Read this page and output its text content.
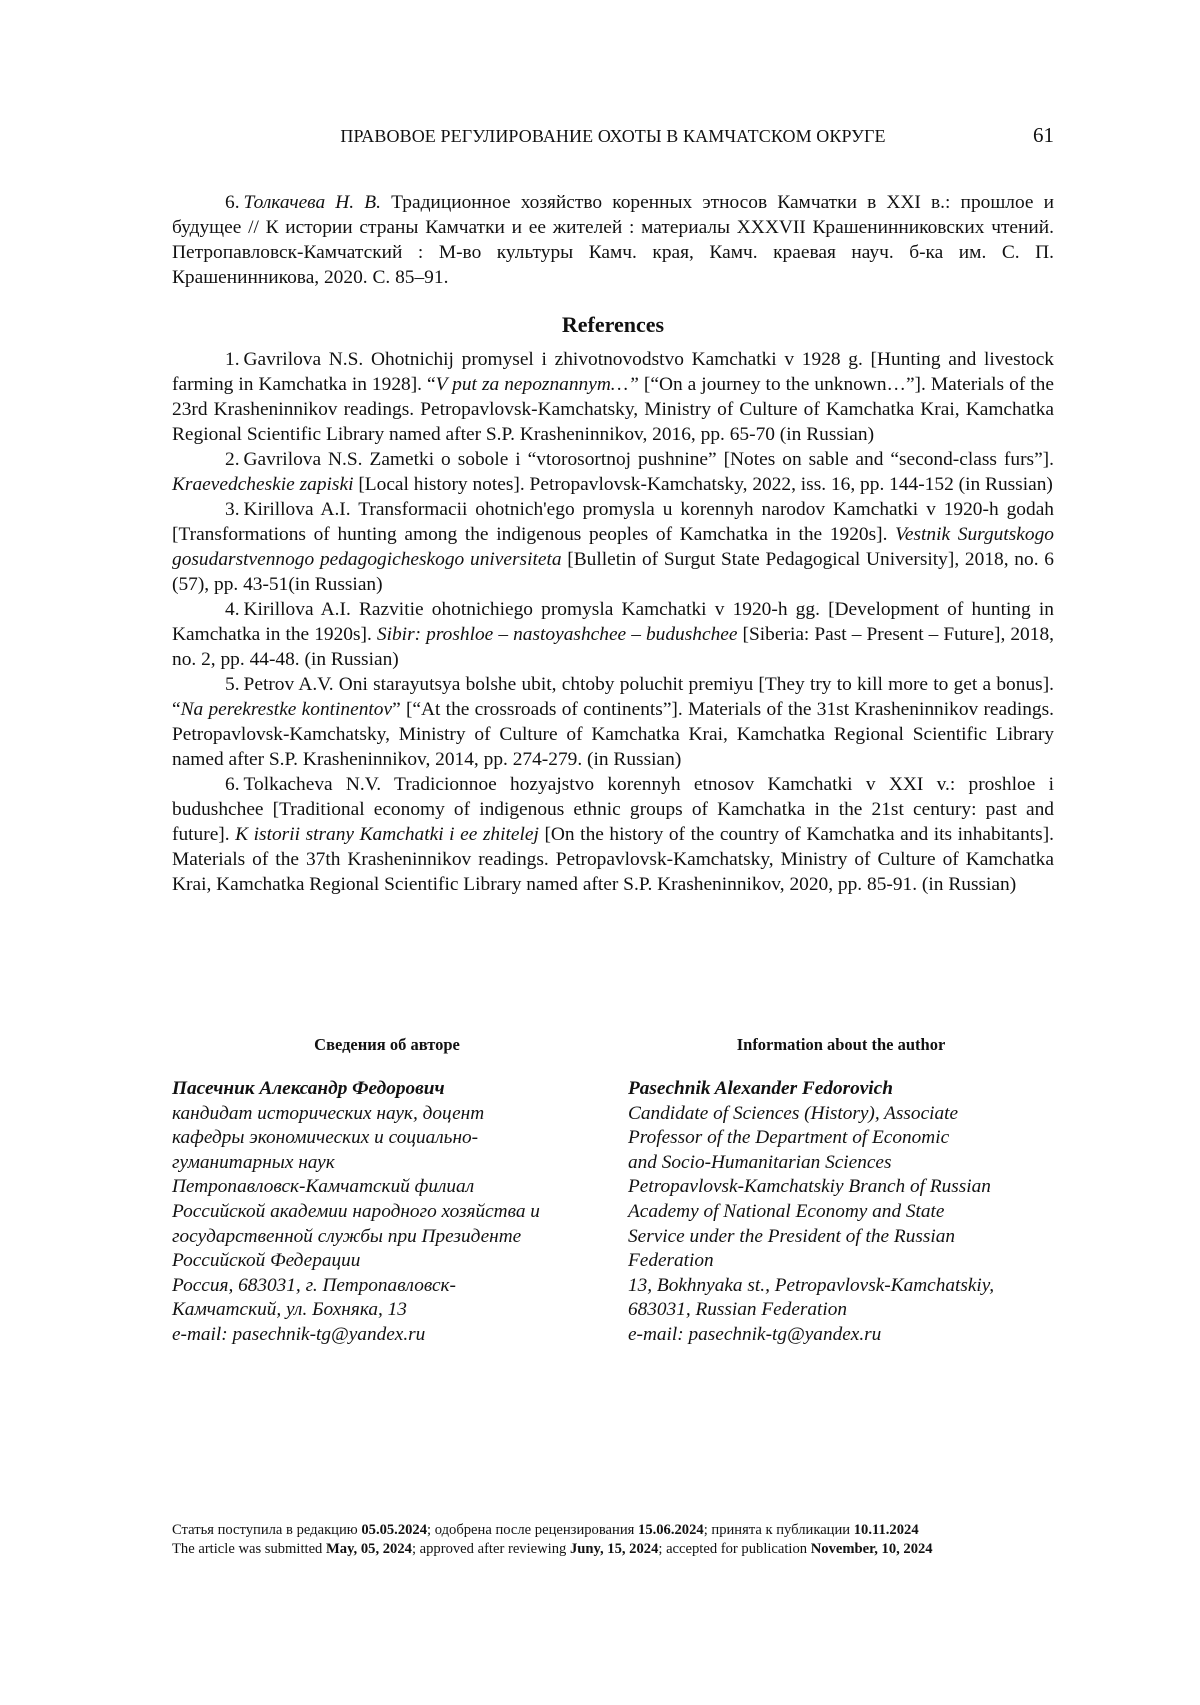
ПРАВОВОЕ РЕГУЛИРОВАНИЕ ОХОТЫ В КАМЧАТСКОМ ОКРУГЕ	61

6. Толкачева Н. В. Традиционное хозяйство коренных этносов Камчатки в XXI в.: прошлое и будущее // К истории страны Камчатки и ее жителей : материалы XXXVII Крашенинниковских чтений. Петропавловск-Камчатский : М-во культуры Камч. края, Камч. краевая науч. б-ка им. С. П. Крашенинникова, 2020. С. 85–91.

References

1. Gavrilova N.S. Ohotnichij promysel i zhivotnovodstvo Kamchatki v 1928 g. [Hunting and livestock farming in Kamchatka in 1928]. “V put za nepoznannym…” [“On a journey to the unknown…”]. Materials of the 23rd Krasheninnikov readings. Petropavlovsk-Kamchatsky, Ministry of Culture of Kamchatka Krai, Kamchatka Regional Scientific Library named after S.P. Krasheninnikov, 2016, pp. 65-70 (in Russian)

2. Gavrilova N.S. Zametki o sobole i “vtorosortnoj pushnine” [Notes on sable and “second-class furs”]. Kraevedcheskie zapiski [Local history notes]. Petropavlovsk-Kamchatsky, 2022, iss. 16, pp. 144-152 (in Russian)

3. Kirillova A.I. Transformacii ohotnich'ego promysla u korennyh narodov Kamchatki v 1920-h godah [Transformations of hunting among the indigenous peoples of Kamchatka in the 1920s]. Vestnik Surgutskogo gosudarstvennogo pedagogicheskogo universiteta [Bulletin of Surgut State Pedagogical University], 2018, no. 6 (57), pp. 43-51(in Russian)

4. Kirillova A.I. Razvitie ohotnichiego promysla Kamchatki v 1920-h gg. [Development of hunting in Kamchatka in the 1920s]. Sibir: proshloe – nastoyashchee – budushchee [Siberia: Past – Present – Future], 2018, no. 2, pp. 44-48. (in Russian)

5. Petrov A.V. Oni starayutsya bolshe ubit, chtoby poluchit premiyu [They try to kill more to get a bonus]. “Na perekrestke kontinentov” [“At the crossroads of continents”]. Materials of the 31st Krasheninnikov readings. Petropavlovsk-Kamchatsky, Ministry of Culture of Kamchatka Krai, Kamchatka Regional Scientific Library named after S.P. Krasheninnikov, 2014, pp. 274-279. (in Russian)

6. Tolkacheva N.V. Tradicionnoe hozyajstvo korennyh etnosov Kamchatki v XXI v.: proshloe i budushchee [Traditional economy of indigenous ethnic groups of Kamchatka in the 21st century: past and future]. K istorii strany Kamchatki i ee zhitelej [On the history of the country of Kamchatka and its inhabitants]. Materials of the 37th Krasheninnikov readings. Petropavlovsk-Kamchatsky, Ministry of Culture of Kamchatka Krai, Kamchatka Regional Scientific Library named after S.P. Krasheninnikov, 2020, pp. 85-91. (in Russian)

Сведения об авторе
Пасечник Александр Федорович
кандидат исторических наук, доцент
кафедры экономических и социально-
гуманитарных наук
Петропавловск-Камчатский филиал
Российской академии народного хозяйства и
государственной службы при Президенте
Российской Федерации
Россия, 683031, г. Петропавловск-
Камчатский, ул. Бохняка, 13
e-mail: pasechnik-tg@yandex.ru
Information about the author
Pasechnik Alexander Fedorovich
Candidate of Sciences (History), Associate
Professor of the Department of Economic
and Socio-Humanitarian Sciences
Petropavlovsk-Kamchatskiy Branch of Russian
Academy of National Economy and State
Service under the President of the Russian
Federation
13, Bokhnyaka st., Petropavlovsk-Kamchatskiy,
683031, Russian Federation
e-mail: pasechnik-tg@yandex.ru
Статья поступила в редакцию 05.05.2024; одобрена после рецензирования 15.06.2024; принята к публикации 10.11.2024
The article was submitted May, 05, 2024; approved after reviewing Juny, 15, 2024; accepted for publication November, 10, 2024
